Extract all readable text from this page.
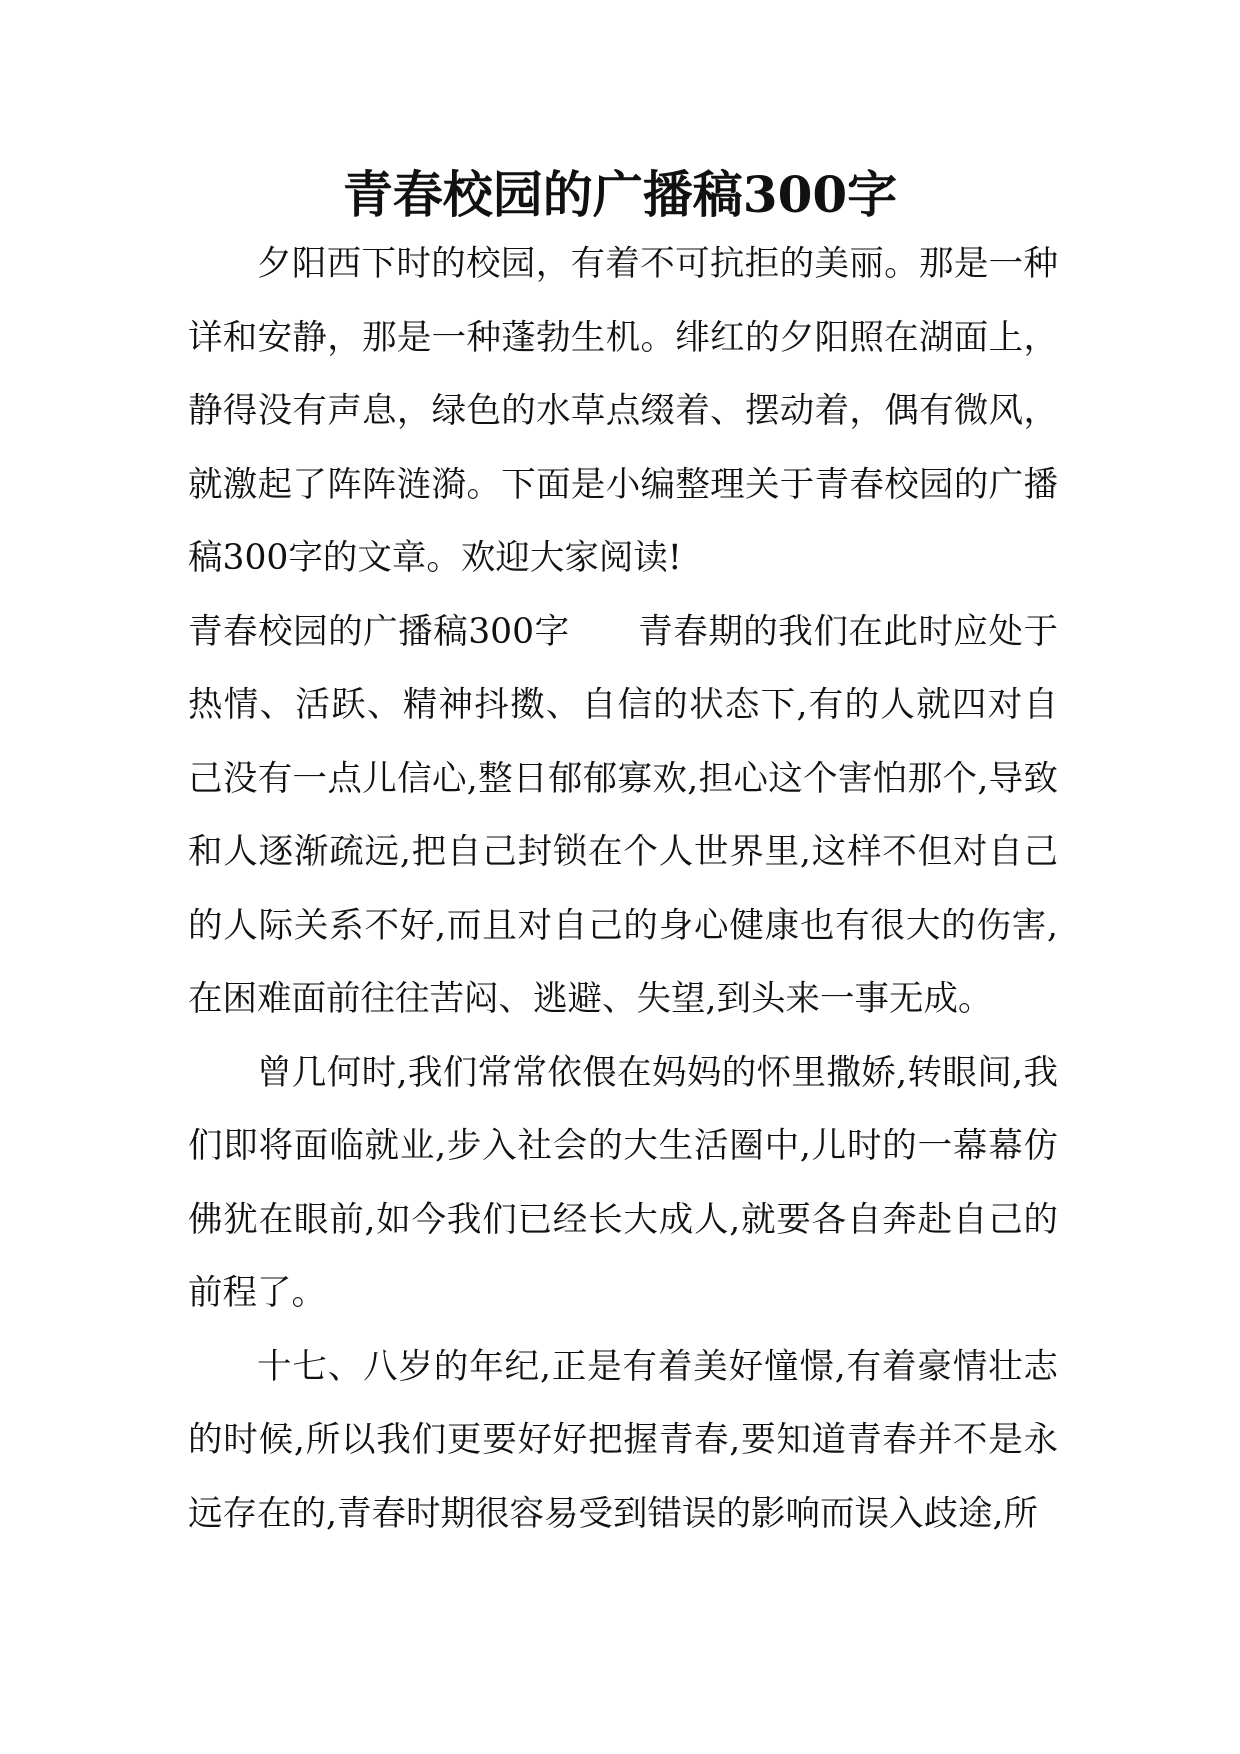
青春校园的广播稿300字

夕阳西下时的校园，有着不可抗拒的美丽。那是一种详和安静，那是一种蓬勃生机。绯红的夕阳照在湖面上，静得没有声息，绿色的水草点缀着、摆动着，偶有微风，就激起了阵阵涟漪。下面是小编整理关于青春校园的广播稿300字的文章。欢迎大家阅读!

青春校园的广播稿300字 青春期的我们在此时应处于热情、活跃、精神抖擞、自信的状态下,有的人就四对自己没有一点儿信心,整日郁郁寡欢,担心这个害怕那个,导致和人逐渐疏远,把自己封锁在个人世界里,这样不但对自己的人际关系不好,而且对自己的身心健康也有很大的伤害,在困难面前往往苦闷、逃避、失望,到头来一事无成。

曾几何时,我们常常依偎在妈妈的怀里撒娇,转眼间,我们即将面临就业,步入社会的大生活圈中,儿时的一幕幕仿佛犹在眼前,如今我们已经长大成人,就要各自奔赴自己的前程了。

十七、八岁的年纪,正是有着美好憧憬,有着豪情壮志的时候,所以我们更要好好把握青春,要知道青春并不是永远存在的,青春时期很容易受到错误的影响而误入歧途,所
